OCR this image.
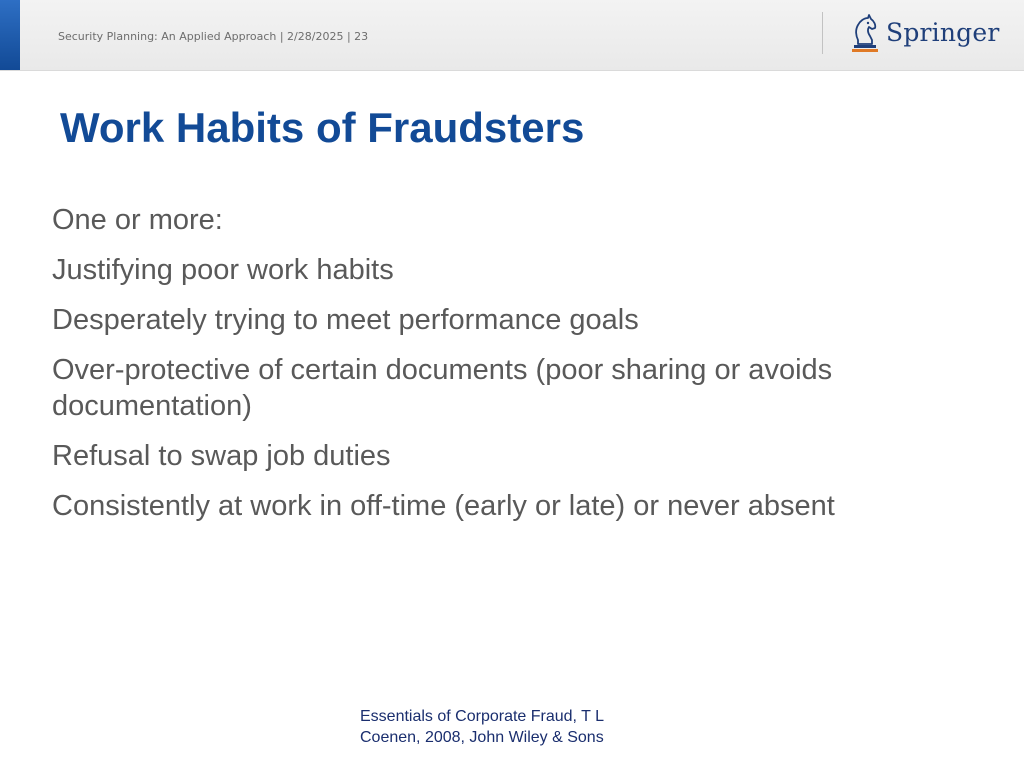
Security Planning: An Applied Approach | 2/28/2025 | 23	Springer
Work Habits of Fraudsters
One or more:
Justifying poor work habits
Desperately trying to meet performance goals
Over-protective of certain documents (poor sharing or avoids documentation)
Refusal to swap job duties
Consistently at work in off-time (early or late) or never absent
Essentials of Corporate Fraud, T L
Coenen, 2008, John Wiley & Sons
